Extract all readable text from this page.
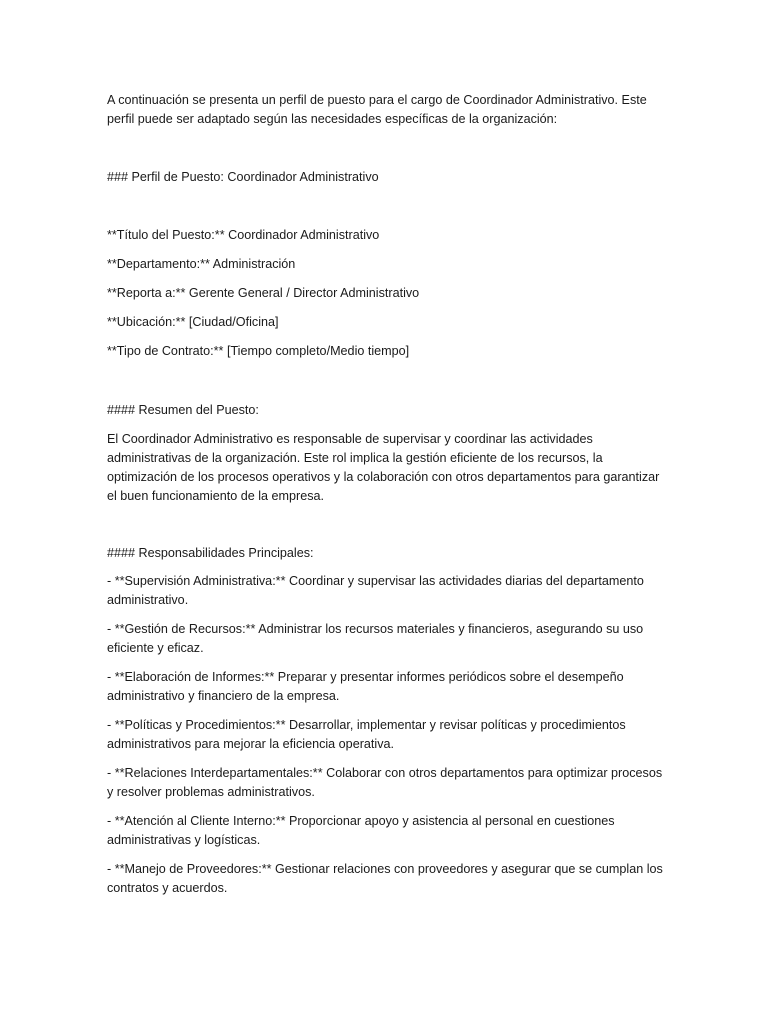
A continuación se presenta un perfil de puesto para el cargo de Coordinador Administrativo. Este perfil puede ser adaptado según las necesidades específicas de la organización:
### Perfil de Puesto: Coordinador Administrativo
**Título del Puesto:** Coordinador Administrativo
**Departamento:** Administración
**Reporta a:** Gerente General / Director Administrativo
**Ubicación:** [Ciudad/Oficina]
**Tipo de Contrato:** [Tiempo completo/Medio tiempo]
#### Resumen del Puesto:
El Coordinador Administrativo es responsable de supervisar y coordinar las actividades administrativas de la organización. Este rol implica la gestión eficiente de los recursos, la optimización de los procesos operativos y la colaboración con otros departamentos para garantizar el buen funcionamiento de la empresa.
#### Responsabilidades Principales:
- **Supervisión Administrativa:** Coordinar y supervisar las actividades diarias del departamento administrativo.
- **Gestión de Recursos:** Administrar los recursos materiales y financieros, asegurando su uso eficiente y eficaz.
- **Elaboración de Informes:** Preparar y presentar informes periódicos sobre el desempeño administrativo y financiero de la empresa.
- **Políticas y Procedimientos:** Desarrollar, implementar y revisar políticas y procedimientos administrativos para mejorar la eficiencia operativa.
- **Relaciones Interdepartamentales:** Colaborar con otros departamentos para optimizar procesos y resolver problemas administrativos.
- **Atención al Cliente Interno:** Proporcionar apoyo y asistencia al personal en cuestiones administrativas y logísticas.
- **Manejo de Proveedores:** Gestionar relaciones con proveedores y asegurar que se cumplan los contratos y acuerdos.
